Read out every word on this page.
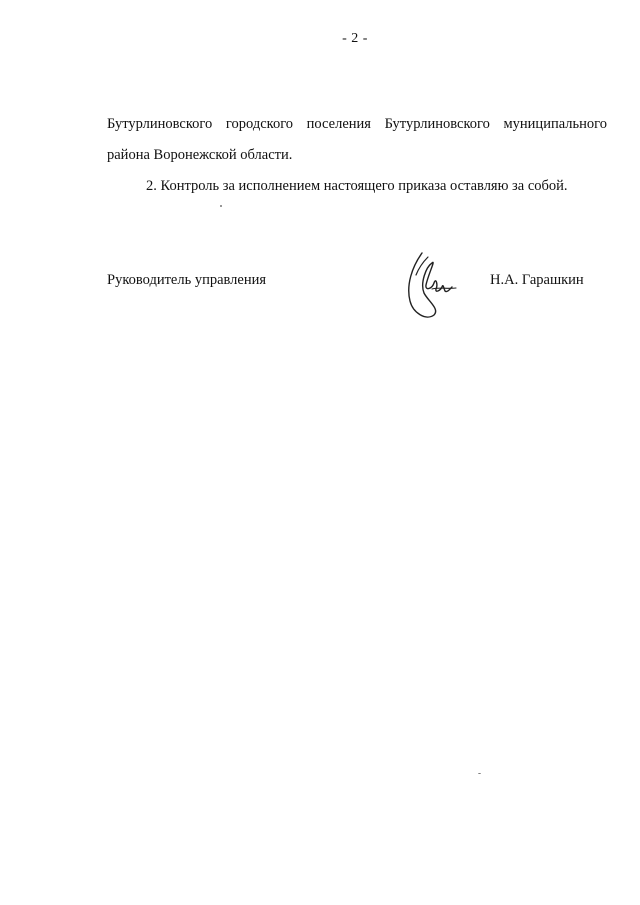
- 2 -
Бутурлиновского городского поселения Бутурлиновского муниципального
района Воронежской области.
2. Контроль за исполнением настоящего приказа оставляю за собой.
Руководитель управления	Н.А. Гарашкин
